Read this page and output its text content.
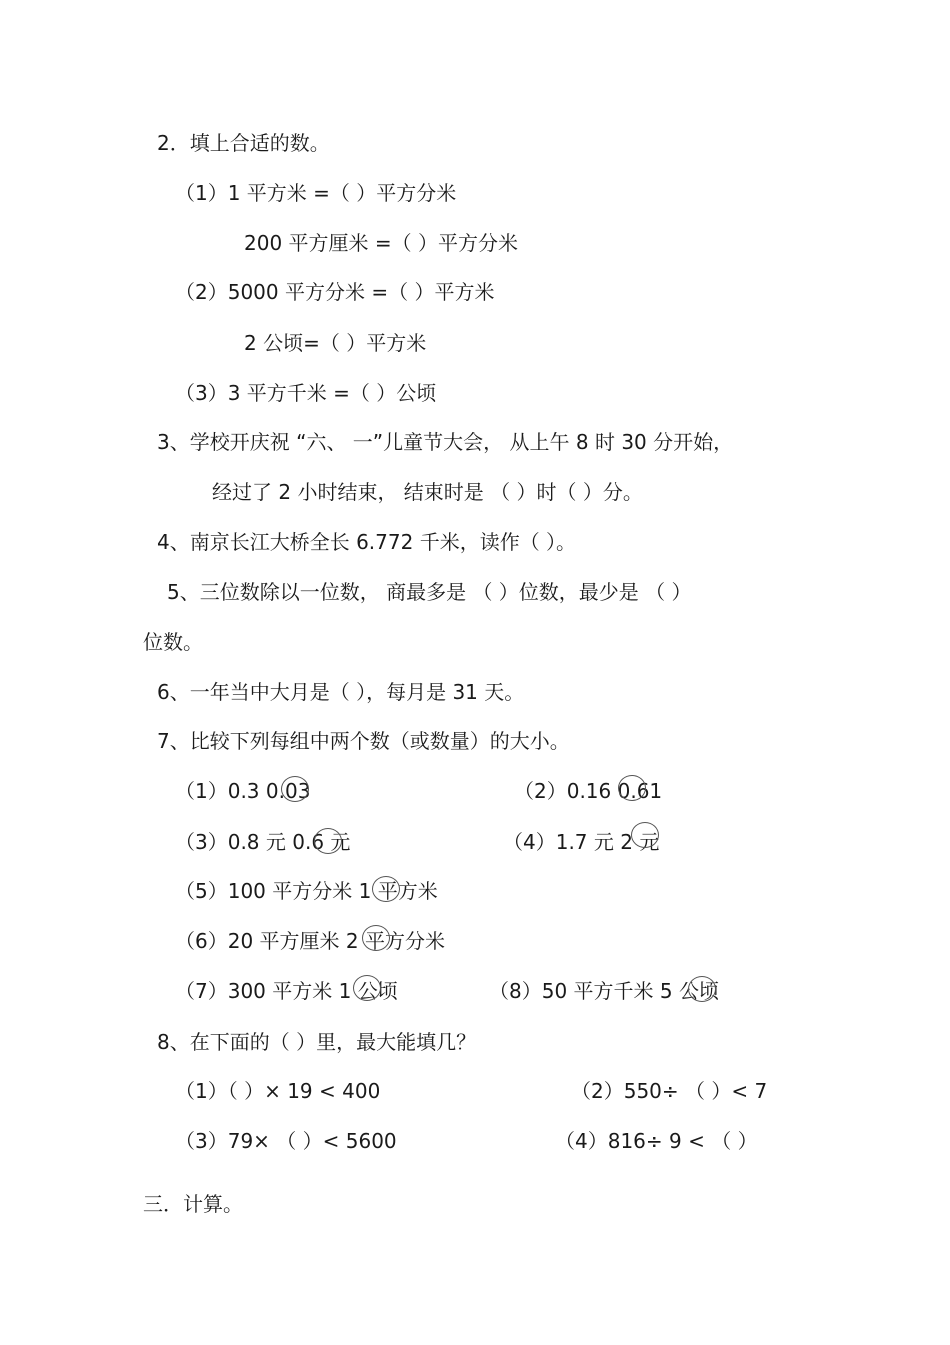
2．填上合适的数。
（1）1 平方米 =（ ）平方分米
200 平方厘米 =（ ）平方分米
（2）5000 平方分米 =（ ）平方米
2 公顷=（ ）平方米
（3）3 平方千米 =（ ）公顷
3、学校开庆祝 “六、 一”儿童节大会， 从上午 8 时 30 分开始，
经过了 2 小时结束， 结束时是 （ ）时（ ）分。
4、南京长江大桥全长 6.772 千米，读作（ ）。
5、三位数除以一位数， 商最多是 （ ）位数，最少是 （ ）
位数。
6、一年当中大月是（ ），每月是 31 天。
7、比较下列每组中两个数（或数量）的大小。
（1）0.3 0.03	（2）0.16 0.61
（3）0.8 元 0.6 元	（4）1.7 元 2 元
（5）100 平方分米 1 平方米
（6）20 平方厘米 2 平方分米
（7）300 平方米 1 公顷	（8）50 平方千米 5 公顷
8、在下面的（ ）里，最大能填几？
（1）（ ）× 19 < 400	（2）550÷ （ ）< 7
（3）79× （ ）< 5600	（4）816÷ 9 < （ ）
三．计算。
